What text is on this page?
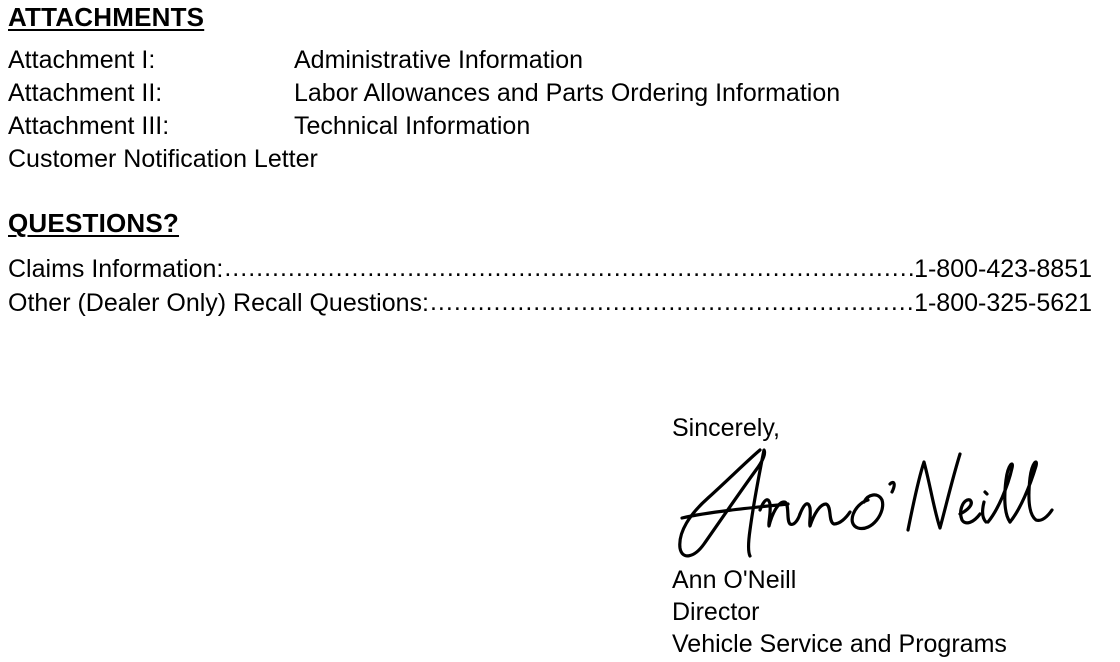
ATTACHMENTS
Attachment I:	Administrative Information
Attachment II:	Labor Allowances and Parts Ordering Information
Attachment III:	Technical Information
Customer Notification Letter
QUESTIONS?
Claims Information: .....	1-800-423-8851
Other (Dealer Only) Recall Questions: .....	1-800-325-5621
Sincerely,
Ann O'Neill
Director
Vehicle Service and Programs
